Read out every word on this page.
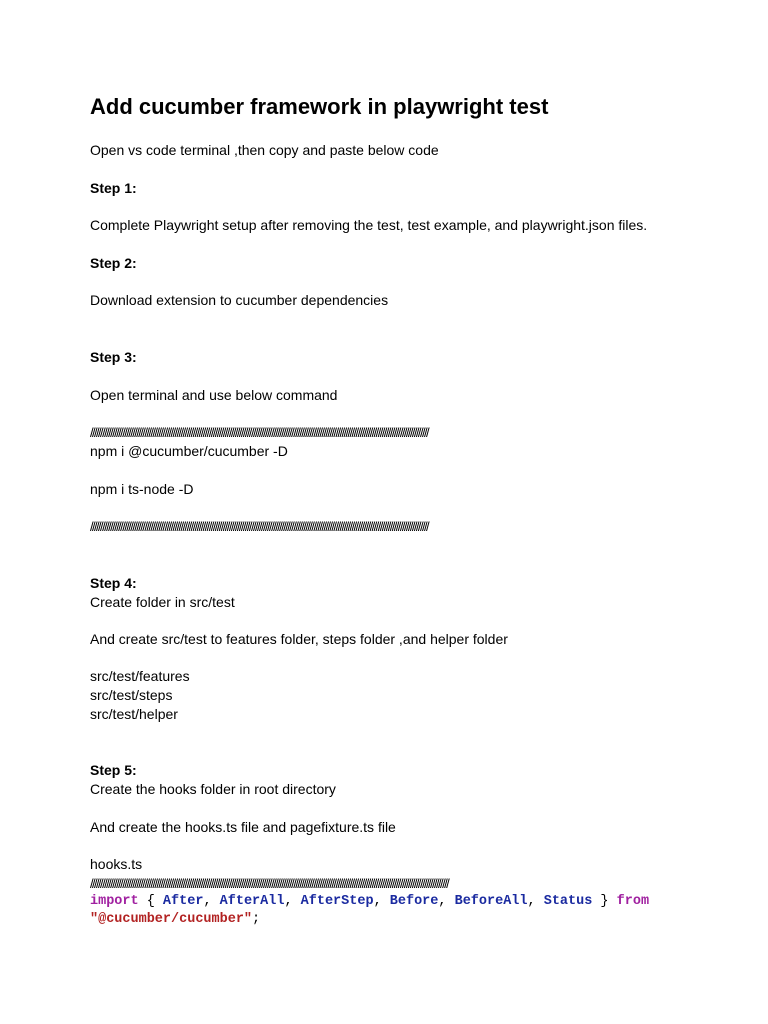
Add cucumber framework in playwright test

Open vs code terminal ,then copy and paste below code

Step 1:

Complete Playwright setup after removing the test, test example, and playwright.json files.

Step 2:

Download extension to cucumber dependencies

Step 3:

Open terminal and use below command

////////////////////////////////////////////////////////////////////////////////////////////////////////////////////////////////////////////////////////////////////////

npm i @cucumber/cucumber -D

npm i ts-node -D

////////////////////////////////////////////////////////////////////////////////////////////////////////////////////////////////////////////////////////////////////////

Step 4:

Create folder in src/test

And create src/test to features folder, steps folder ,and helper folder

src/test/features

src/test/steps

src/test/helper

Step 5:

Create the hooks folder in root directory

And create the hooks.ts file and pagefixture.ts file

hooks.ts

//////////////////////////////////////////////////////////////////////////////////////////////////////////////////////////////////////////////////////////////////////////////////

import { After, AfterAll, AfterStep, Before, BeforeAll, Status } from
"@cucumber/cucumber";
